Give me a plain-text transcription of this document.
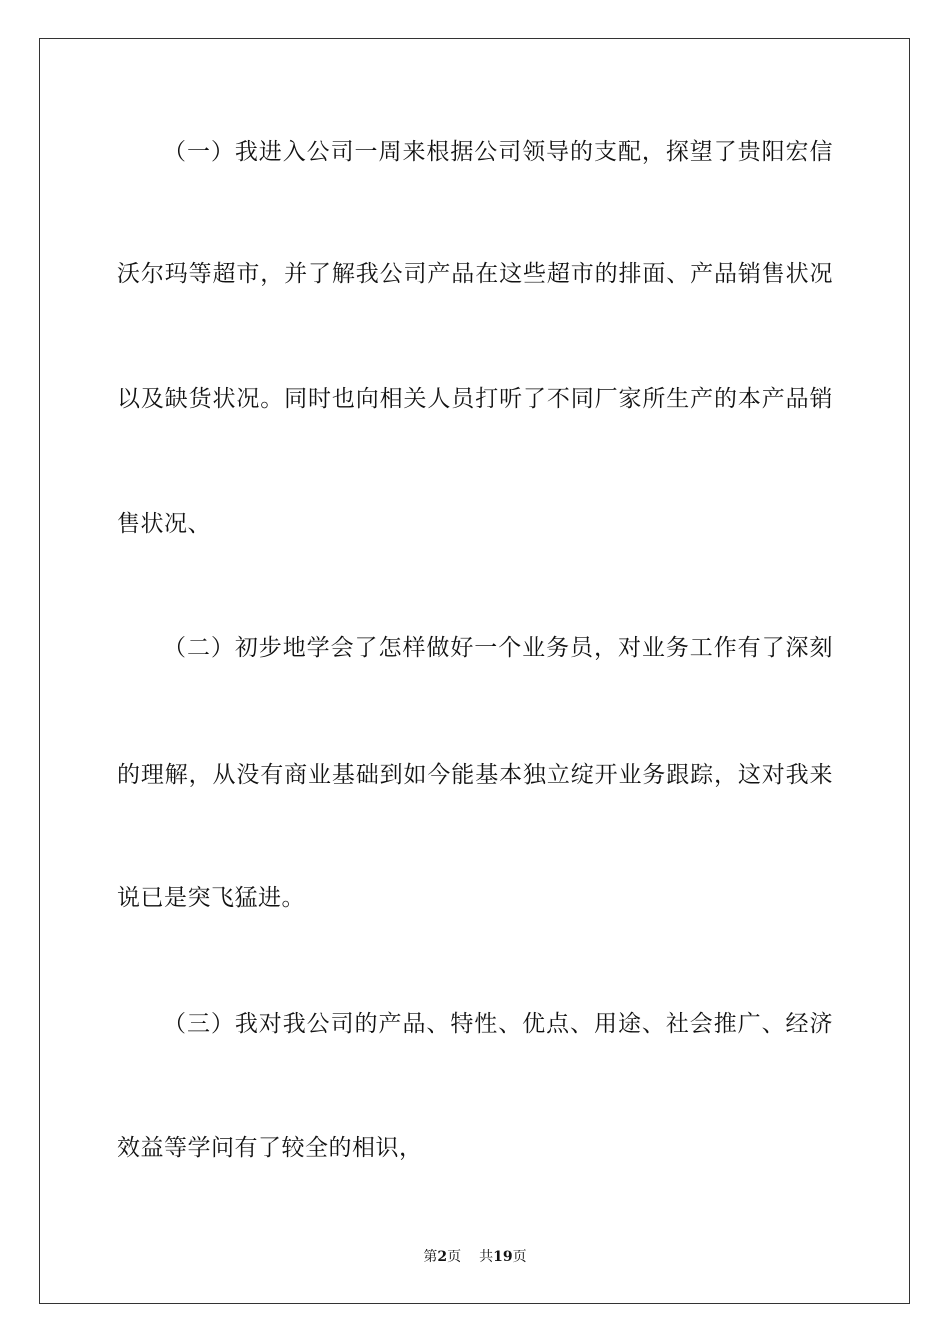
（一）我进入公司一周来根据公司领导的支配，探望了贵阳宏信
沃尔玛等超市，并了解我公司产品在这些超市的排面、产品销售状况
以及缺货状况。同时也向相关人员打听了不同厂家所生产的本产品销
售状况、
（二）初步地学会了怎样做好一个业务员，对业务工作有了深刻
的理解，从没有商业基础到如今能基本独立绽开业务跟踪，这对我来
说已是突飞猛进。
（三）我对我公司的产品、特性、优点、用途、社会推广、经济
效益等学问有了较全的相识，
第2页 共19页
